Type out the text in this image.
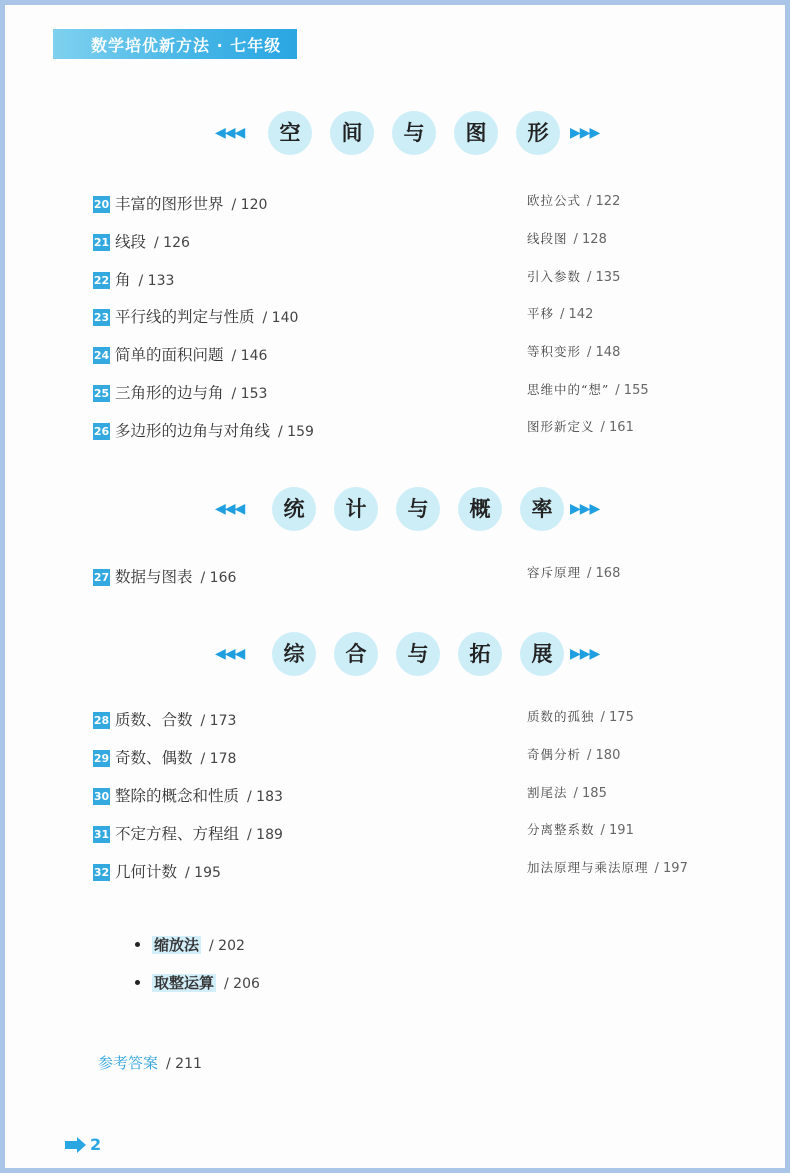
数学培优新方法 · 七年级
◀◀◀	空	间	与	图	形	▶▶▶
20 丰富的图形世界 / 120	欧拉公式 / 122
21 线段 / 126	线段图 / 128
22 角 / 133	引入参数 / 135
23 平行线的判定与性质 / 140	平移 / 142
24 简单的面积问题 / 146	等积变形 / 148
25 三角形的边与角 / 153	思维中的“想” / 155
26 多边形的边角与对角线 / 159	图形新定义 / 161
◀◀◀	统	计	与	概	率	▶▶▶
27 数据与图表 / 166	容斥原理 / 168
◀◀◀	综	合	与	拓	展	▶▶▶
28 质数、合数 / 173	质数的孤独 / 175
29 奇数、偶数 / 178	奇偶分析 / 180
30 整除的概念和性质 / 183	割尾法 / 185
31 不定方程、方程组 / 189	分离整系数 / 191
32 几何计数 / 195	加法原理与乘法原理 / 197
缩放法 / 202
取整运算 / 206
参考答案 / 211
2
